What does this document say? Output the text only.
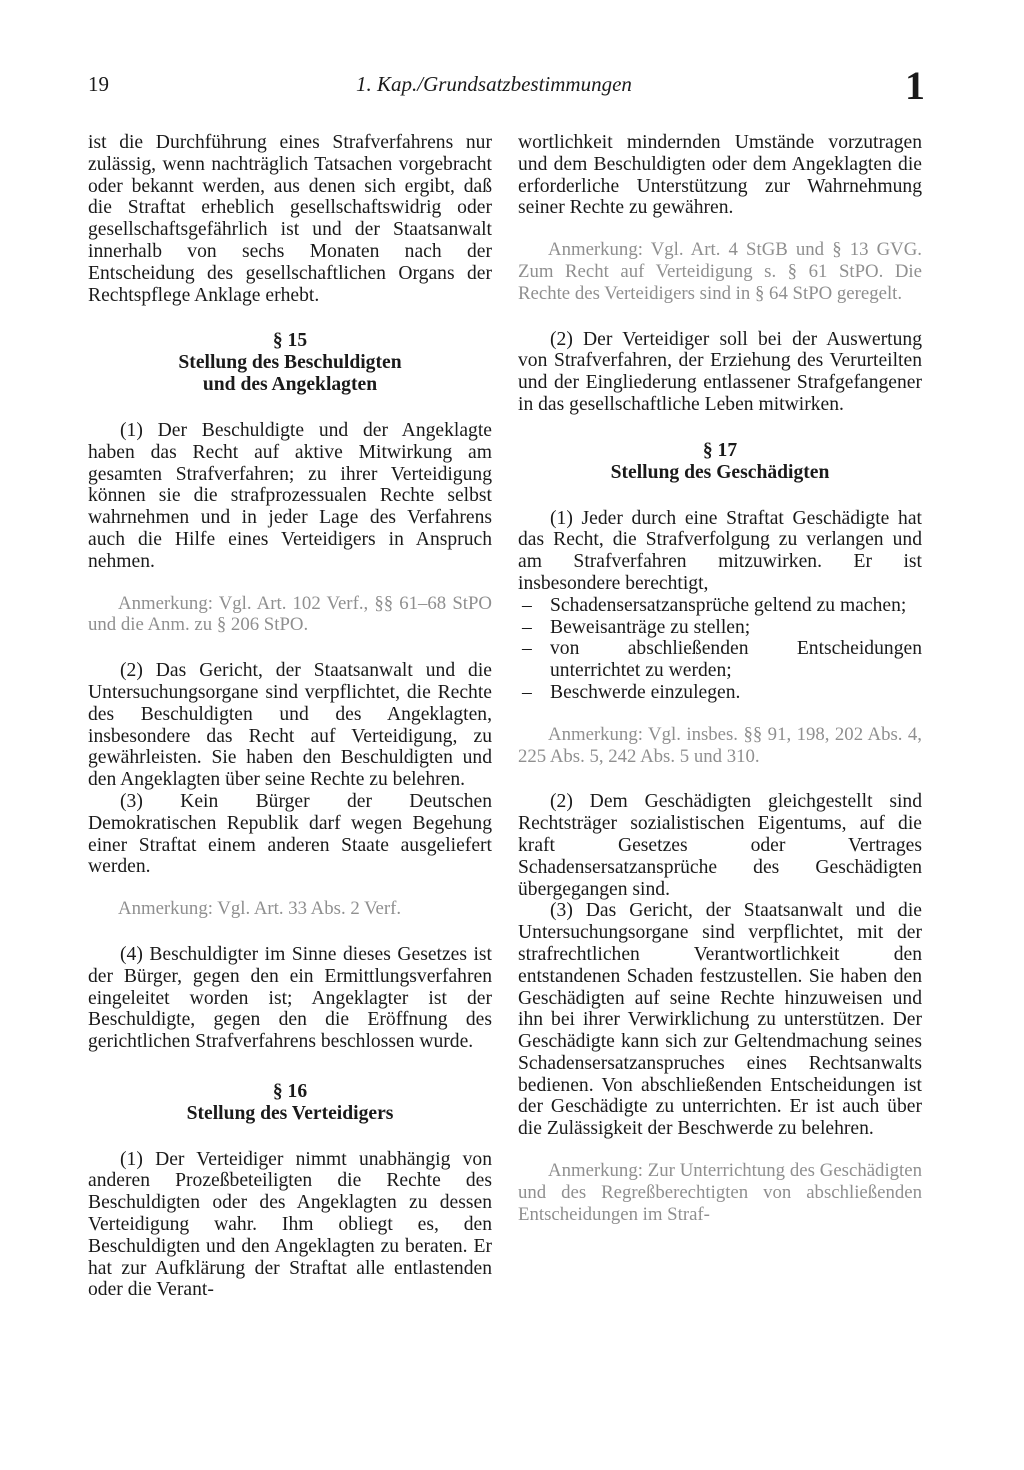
19	1. Kap./Grundsatzbestimmungen	1

ist die Durchführung eines Strafverfahrens nur zulässig, wenn nachträglich Tatsachen vorgebracht oder bekannt werden, aus denen sich ergibt, daß die Straftat erheblich gesellschaftswidrig oder gesellschaftsgefährlich ist und der Staatsanwalt innerhalb von sechs Monaten nach der Entscheidung des gesellschaftlichen Organs der Rechtspflege Anklage erhebt.

§ 15

Stellung des Beschuldigten

und des Angeklagten

(1) Der Beschuldigte und der Angeklagte haben das Recht auf aktive Mitwirkung am gesamten Strafverfahren; zu ihrer Verteidigung können sie die strafprozessualen Rechte selbst wahrnehmen und in jeder Lage des Verfahrens auch die Hilfe eines Verteidigers in Anspruch nehmen.

Anmerkung: Vgl. Art. 102 Verf., §§ 61–68 StPO und die Anm. zu § 206 StPO.

(2) Das Gericht, der Staatsanwalt und die Untersuchungsorgane sind verpflichtet, die Rechte des Beschuldigten und des Angeklagten, insbesondere das Recht auf Verteidigung, zu gewährleisten. Sie haben den Beschuldigten und den Angeklagten über seine Rechte zu belehren.

(3) Kein Bürger der Deutschen Demokratischen Republik darf wegen Begehung einer Straftat einem anderen Staate ausgeliefert werden.

Anmerkung: Vgl. Art. 33 Abs. 2 Verf.

(4) Beschuldigter im Sinne dieses Gesetzes ist der Bürger, gegen den ein Ermittlungsverfahren eingeleitet worden ist; Angeklagter ist der Beschuldigte, gegen den die Eröffnung des gerichtlichen Strafverfahrens beschlossen wurde.

§ 16

Stellung des Verteidigers

(1) Der Verteidiger nimmt unabhängig von anderen Prozeßbeteiligten die Rechte des Beschuldigten oder des Angeklagten zu dessen Verteidigung wahr. Ihm obliegt es, den Beschuldigten und den Angeklagten zu beraten. Er hat zur Aufklärung der Straftat alle entlastenden oder die Verant-

wortlichkeit mindernden Umstände vorzutragen und dem Beschuldigten oder dem Angeklagten die erforderliche Unterstützung zur Wahrnehmung seiner Rechte zu gewähren.

Anmerkung: Vgl. Art. 4 StGB und § 13 GVG. Zum Recht auf Verteidigung s. § 61 StPO. Die Rechte des Verteidigers sind in § 64 StPO geregelt.

(2) Der Verteidiger soll bei der Auswertung von Strafverfahren, der Erziehung des Verurteilten und der Eingliederung entlassener Strafgefangener in das gesellschaftliche Leben mitwirken.

§ 17

Stellung des Geschädigten

(1) Jeder durch eine Straftat Geschädigte hat das Recht, die Strafverfolgung zu verlangen und am Strafverfahren mitzuwirken. Er ist insbesondere berechtigt,

– Schadensersatzansprüche geltend zu machen;
– Beweisanträge zu stellen;
– von abschließenden Entscheidungen unterrichtet zu werden;
– Beschwerde einzulegen.

Anmerkung: Vgl. insbes. §§ 91, 198, 202 Abs. 4, 225 Abs. 5, 242 Abs. 5 und 310.

(2) Dem Geschädigten gleichgestellt sind Rechtsträger sozialistischen Eigentums, auf die kraft Gesetzes oder Vertrages Schadensersatzansprüche des Geschädigten übergegangen sind.

(3) Das Gericht, der Staatsanwalt und die Untersuchungsorgane sind verpflichtet, mit der strafrechtlichen Verantwortlichkeit den entstandenen Schaden festzustellen. Sie haben den Geschädigten auf seine Rechte hinzuweisen und ihn bei ihrer Verwirklichung zu unterstützen. Der Geschädigte kann sich zur Geltendmachung seines Schadensersatzanspruches eines Rechtsanwalts bedienen. Von abschließenden Entscheidungen ist der Geschädigte zu unterrichten. Er ist auch über die Zulässigkeit der Beschwerde zu belehren.

Anmerkung: Zur Unterrichtung des Geschädigten und des Regreßberechtigten von abschließenden Entscheidungen im Straf-
